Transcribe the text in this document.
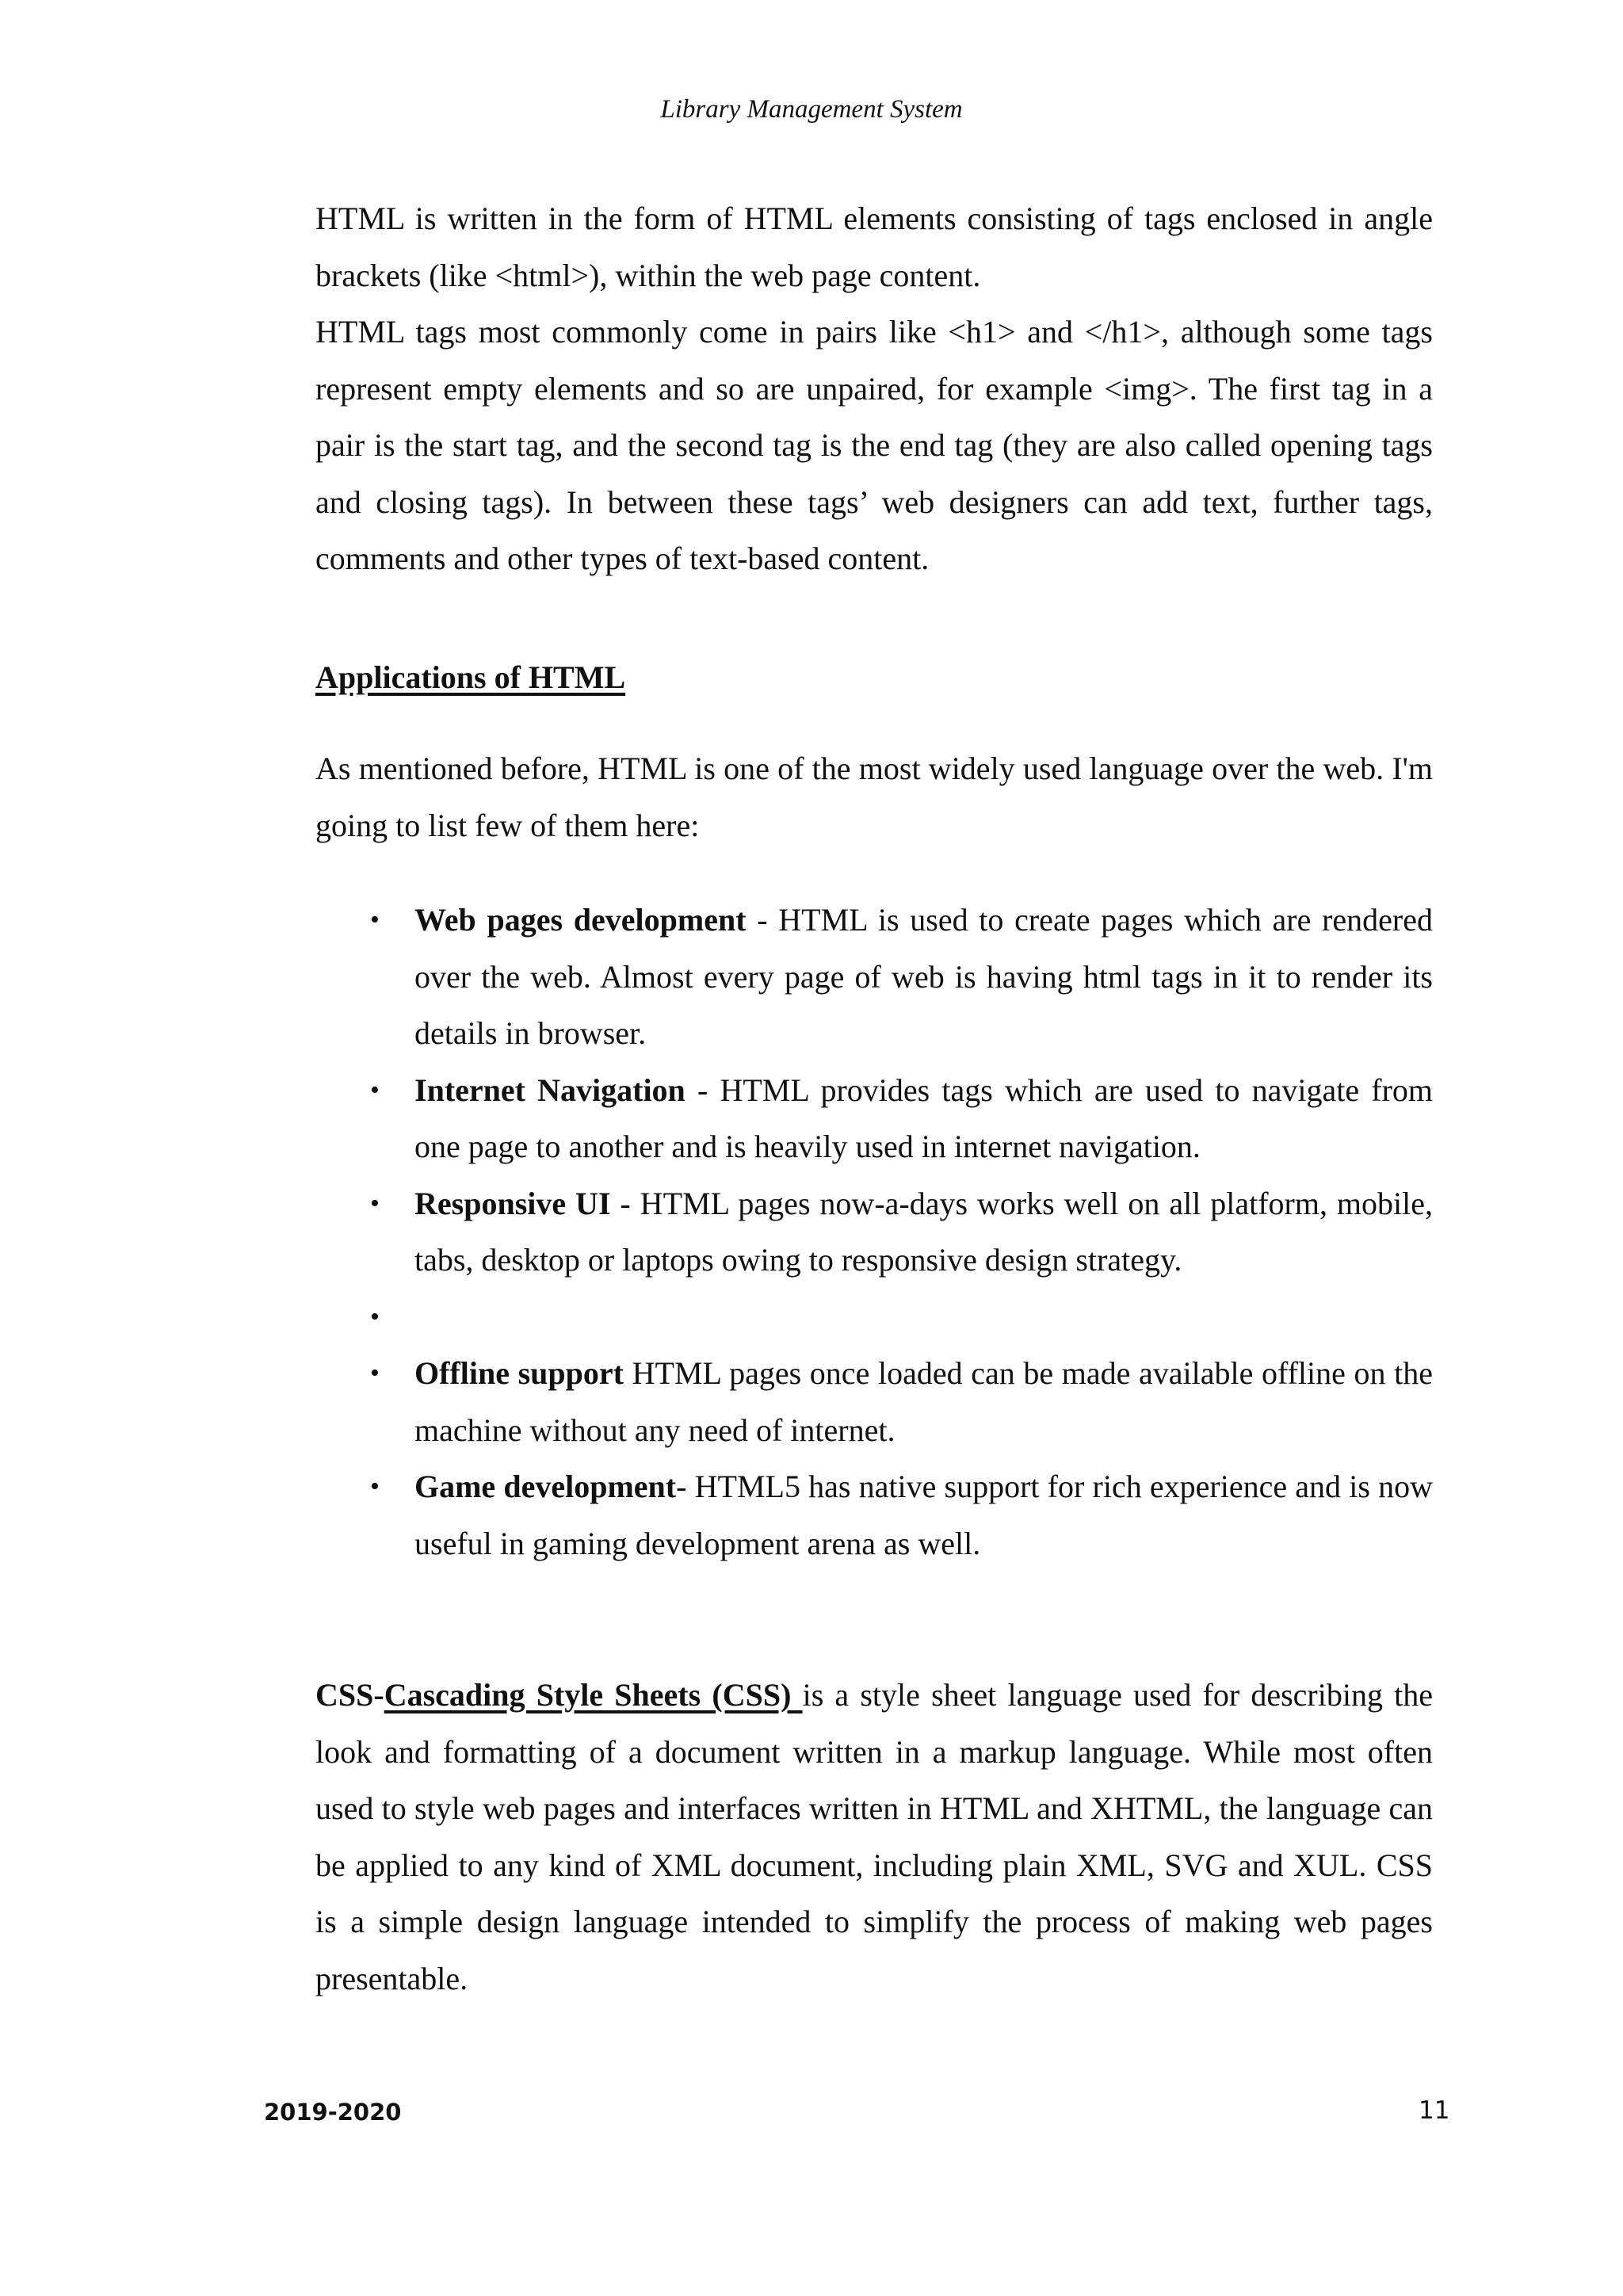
Library Management System

HTML is written in the form of HTML elements consisting of tags enclosed in angle brackets (like <html>), within the web page content.

HTML tags most commonly come in pairs like <h1> and </h1>, although some tags represent empty elements and so are unpaired, for example <img>. The first tag in a pair is the start tag, and the second tag is the end tag (they are also called opening tags and closing tags). In between these tags’ web designers can add text, further tags, comments and other types of text-based content.

Applications of HTML

As mentioned before, HTML is one of the most widely used language over the web. I'm going to list few of them here:

• Web pages development - HTML is used to create pages which are rendered over the web. Almost every page of web is having html tags in it to render its details in browser.
• Internet Navigation - HTML provides tags which are used to navigate from one page to another and is heavily used in internet navigation.
• Responsive UI - HTML pages now-a-days works well on all platform, mobile, tabs, desktop or laptops owing to responsive design strategy.
•
• Offline support HTML pages once loaded can be made available offline on the machine without any need of internet.
• Game development- HTML5 has native support for rich experience and is now useful in gaming development arena as well.

CSS-Cascading Style Sheets (CSS) is a style sheet language used for describing the look and formatting of a document written in a markup language. While most often used to style web pages and interfaces written in HTML and XHTML, the language can be applied to any kind of XML document, including plain XML, SVG and XUL. CSS is a simple design language intended to simplify the process of making web pages presentable.

2019-2020	11
